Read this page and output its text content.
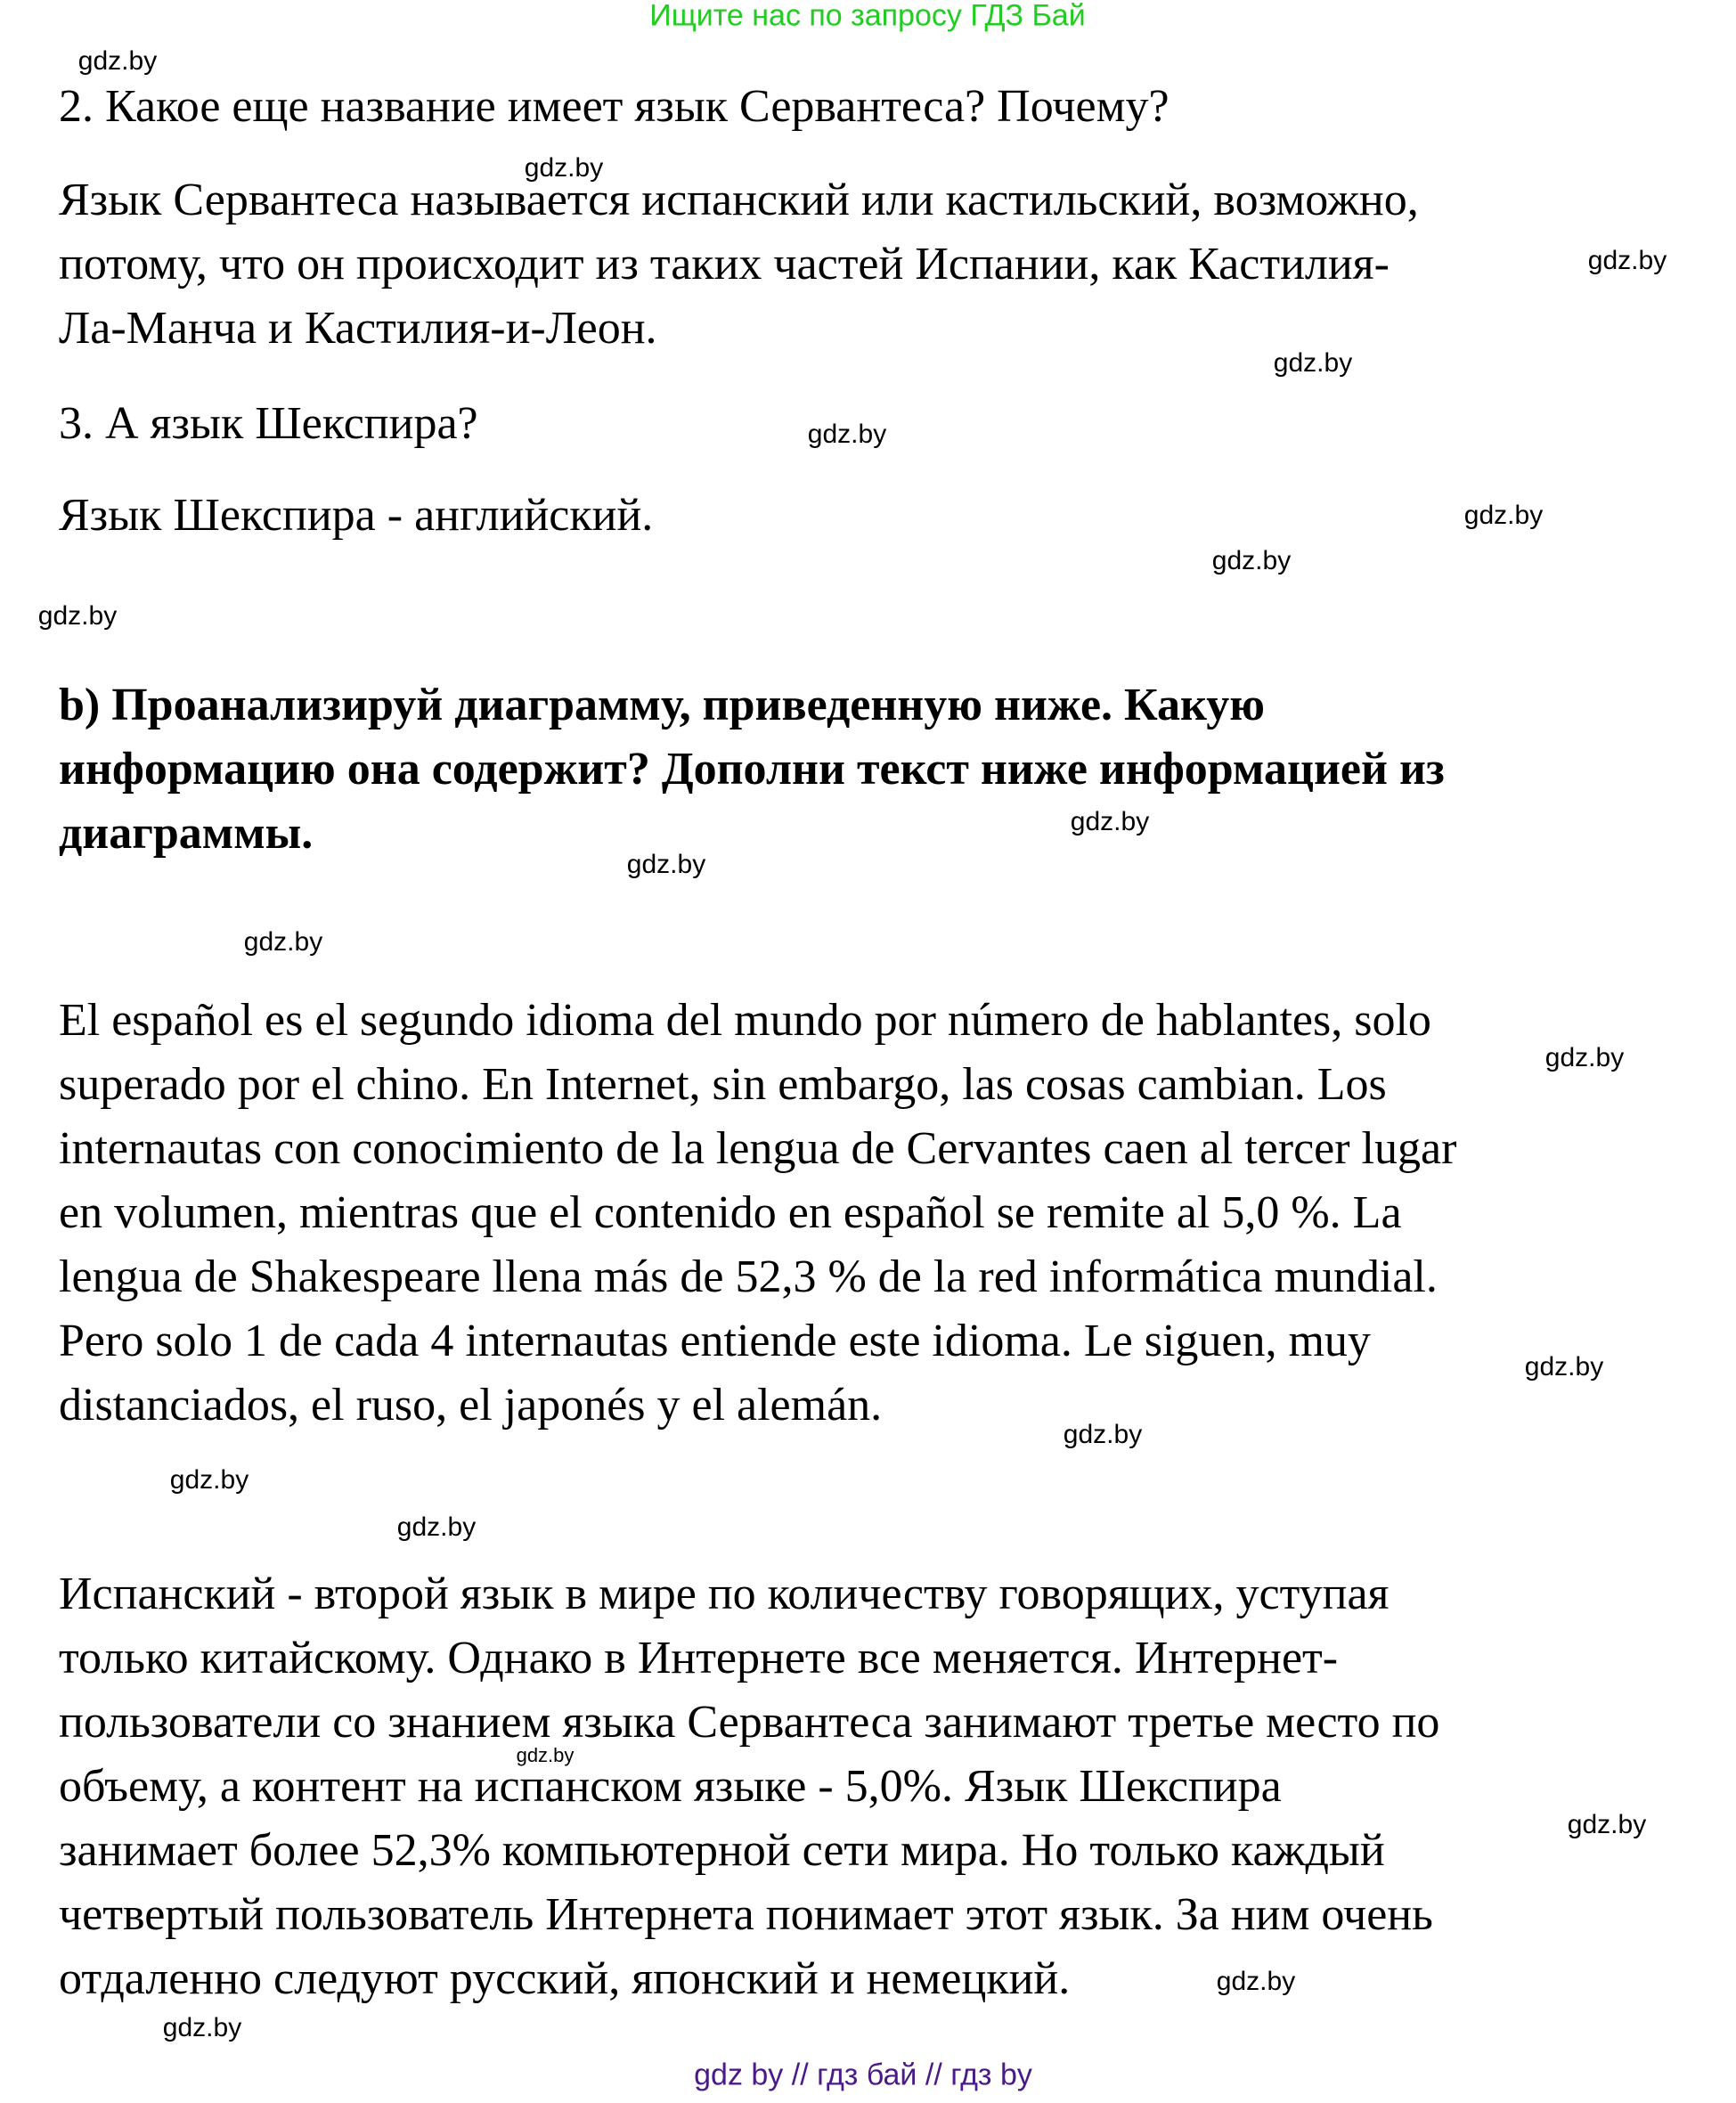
Ищите нас по запросу ГДЗ Бай
2. Какое еще название имеет язык Сервантеса? Почему?
Язык Сервантеса называется испанский или кастильский, возможно,
потому, что он происходит из таких частей Испании, как Кастилия-
Ла-Манча и Кастилия-и-Леон.
3. А язык Шекспира?
Язык Шекспира - английский.
b) Проанализируй диаграмму, приведенную ниже. Какую
информацию она содержит? Дополни текст ниже информацией из
диаграммы.
El español es el segundo idioma del mundo por número de hablantes, solo
superado por el chino. En Internet, sin embargo, las cosas cambian. Los
internautas con conocimiento de la lengua de Cervantes caen al tercer lugar
en volumen, mientras que el contenido en español se remite al 5,0 %. La
lengua de Shakespeare llena más de 52,3 % de la red informática mundial.
Pero solo 1 de cada 4 internautas entiende este idioma. Le siguen, muy
distanciados, el ruso, el japonés y el alemán.
Испанский - второй язык в мире по количеству говорящих, уступая
только китайскому. Однако в Интернете все меняется. Интернет-
пользователи со знанием языка Сервантеса занимают третье место по
объему, а контент на испанском языке - 5,0%. Язык Шекспира
занимает более 52,3% компьютерной сети мира. Но только каждый
четвертый пользователь Интернета понимает этот язык. За ним очень
отдаленно следуют русский, японский и немецкий.
gdz.by
gdz.by
gdz.by
gdz.by
gdz.by
gdz.by
gdz.by
gdz.by
gdz.by
gdz.by
gdz.by
gdz.by
gdz.by
gdz.by
gdz.by
gdz.by
gdz.by
gdz.by
gdz.by
gdz.by
gdz by // гдз бай // гдз by
